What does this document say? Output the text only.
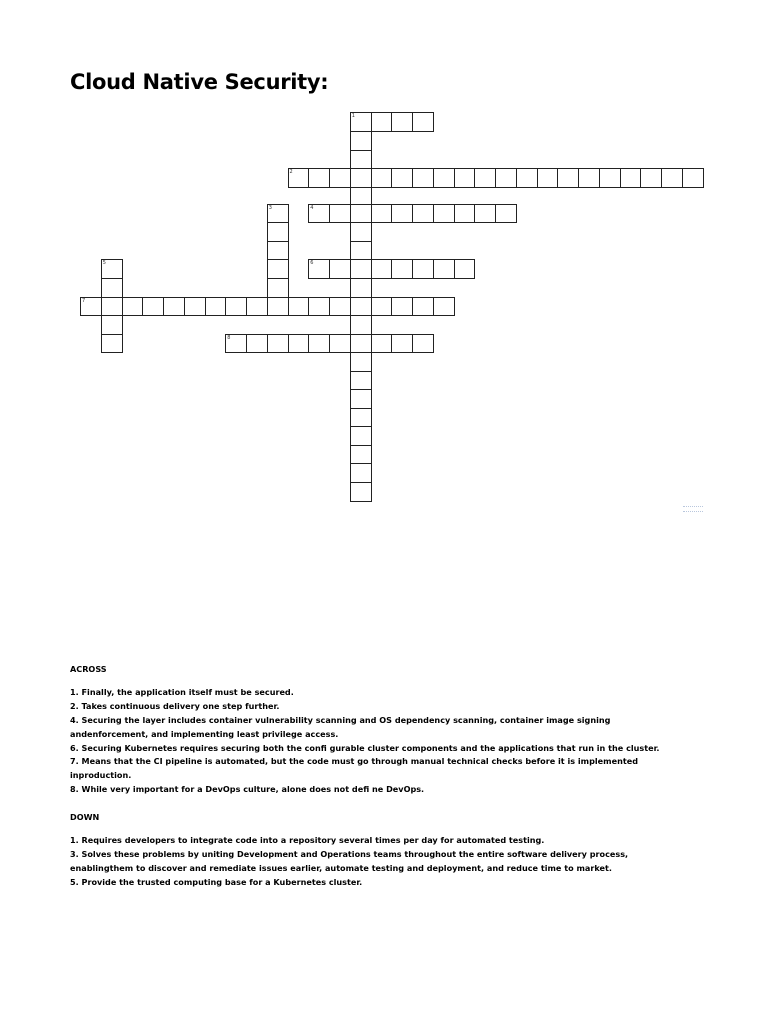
Cloud Native Security:
1
2
4
6
7
8
3
5

ACROSS

1. Finally, the application itself must be secured.

2. Takes continuous delivery one step further.

4. Securing the layer includes container vulnerability scanning and OS dependency scanning, container image signing andenforcement, and implementing least privilege access.

6. Securing Kubernetes requires securing both the confi gurable cluster components and the applications that run in the cluster.

7. Means that the CI pipeline is automated, but the code must go through manual technical checks before it is implemented inproduction.

8. While very important for a DevOps culture, alone does not defi ne DevOps.

DOWN

1. Requires developers to integrate code into a repository several times per day for automated testing.

3. Solves these problems by uniting Development and Operations teams throughout the entire software delivery process, enablingthem to discover and remediate issues earlier, automate testing and deployment, and reduce time to market.

5. Provide the trusted computing base for a Kubernetes cluster.
